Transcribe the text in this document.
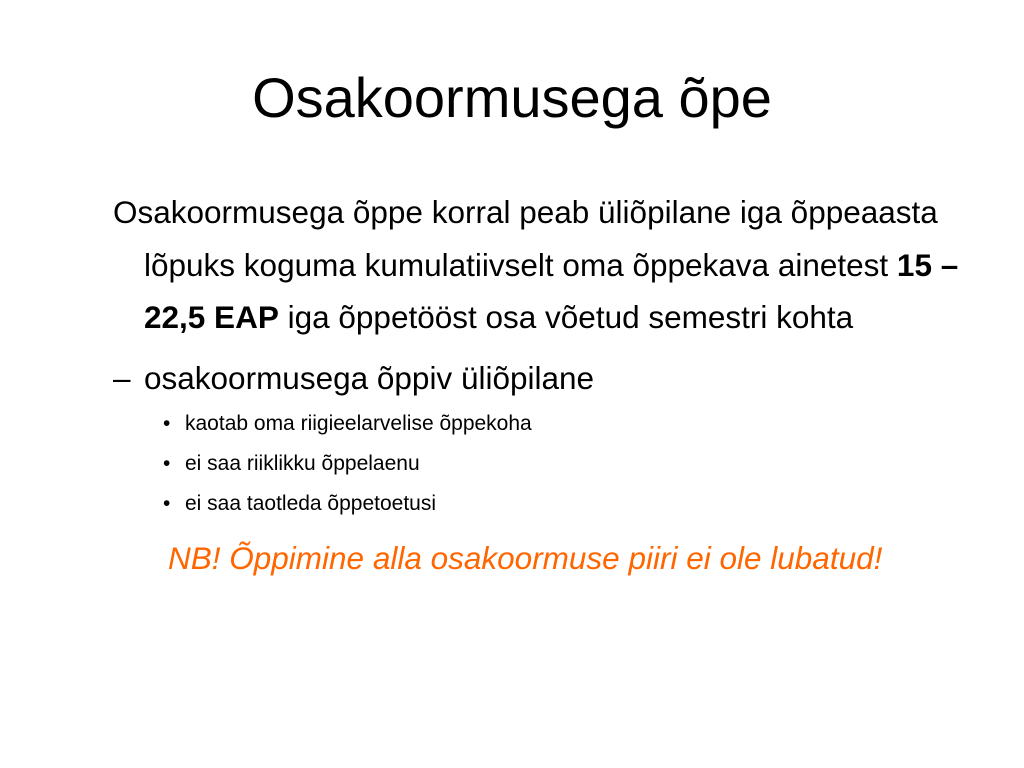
Osakoormusega õpe

Osakoormusega õppe korral peab üliõpilane iga õppeaasta lõpuks koguma kumulatiivselt oma õppekava ainetest 15 – 22,5 EAP iga õppetööst osa võetud semestri kohta

– osakoormusega õppiv üliõpilane
• kaotab oma riigieelarvelise õppekoha
• ei saa riiklikku õppelaenu
• ei saa taotleda õppetoetusi

NB! Õppimine alla osakoormuse piiri ei ole lubatud!
